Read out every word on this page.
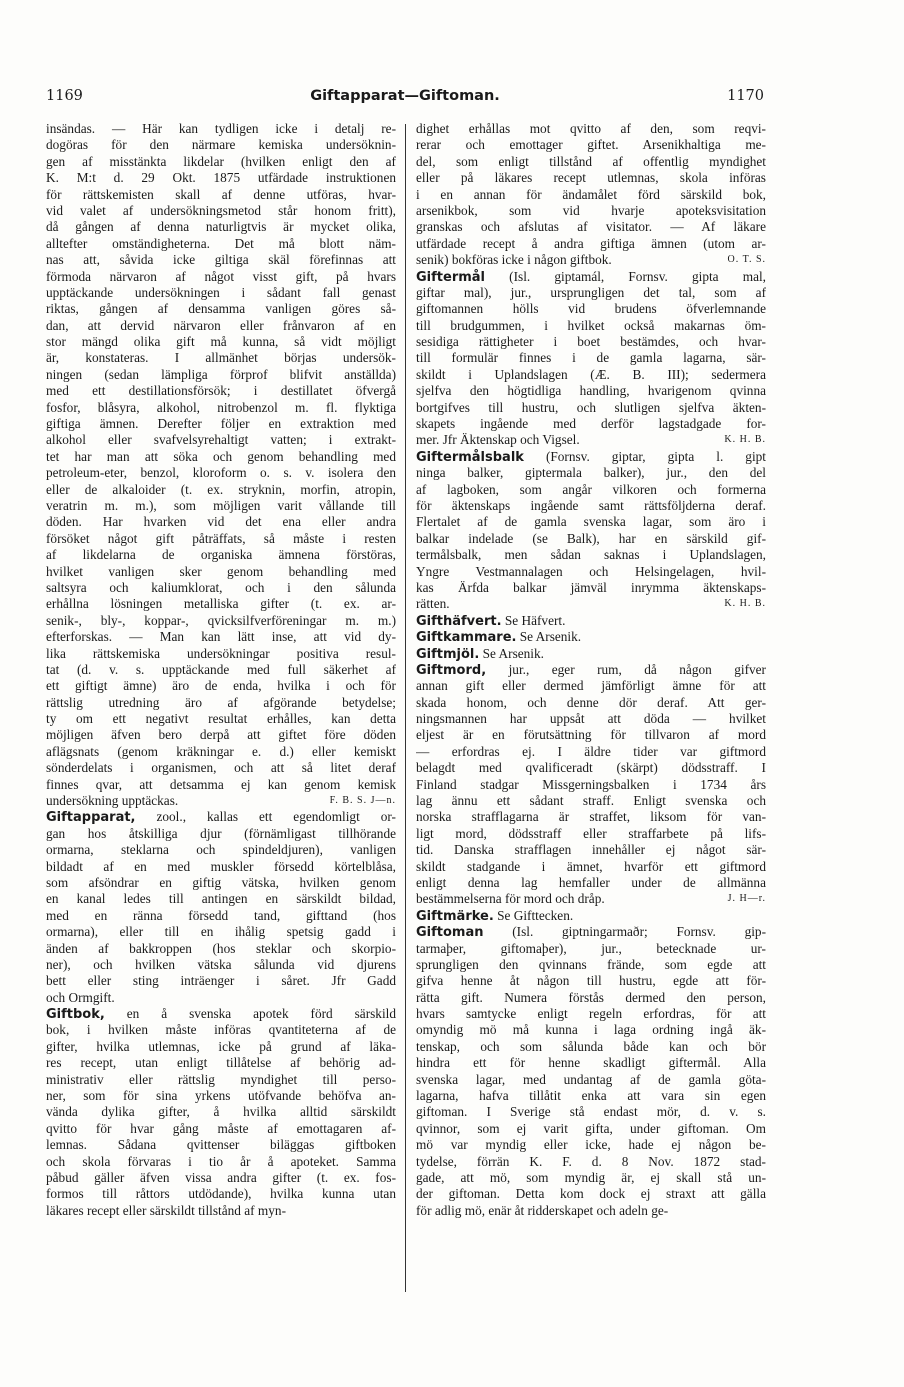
1169	Giftapparat—Giftoman.	1170
insändas. — Här kan tydligen icke i detalj re-
dogöras för den närmare kemiska undersöknin-
gen af misstänkta likdelar (hvilken enligt den af
K. M:t d. 29 Okt. 1875 utfärdade instruktionen
för rättskemisten skall af denne utföras, hvar-
vid valet af undersökningsmetod står honom fritt),
då gången af denna naturligtvis är mycket olika,
alltefter omständigheterna. Det må blott näm-
nas att, såvida icke giltiga skäl förefinnas att
förmoda närvaron af något visst gift, på hvars
upptäckande undersökningen i sådant fall genast
riktas, gången af densamma vanligen göres så-
dan, att dervid närvaron eller frånvaron af en
stor mängd olika gift må kunna, så vidt möjligt
är, konstateras. I allmänhet börjas undersök-
ningen (sedan lämpliga förprof blifvit anställda)
med ett destillationsförsök; i destillatet öfvergå
fosfor, blåsyra, alkohol, nitrobenzol m. fl. flyktiga
giftiga ämnen. Derefter följer en extraktion med
alkohol eller svafvelsyrehaltigt vatten; i extrakt-
tet har man att söka och genom behandling med
petroleum-eter, benzol, kloroform o. s. v. isolera den
eller de alkaloider (t. ex. stryknin, morfin, atropin,
veratrin m. m.), som möjligen varit vållande till
döden. Har hvarken vid det ena eller andra
försöket något gift påträffats, så måste i resten
af likdelarna de organiska ämnena förstöras,
hvilket vanligen sker genom behandling med
saltsyra och kaliumklorat, och i den sålunda
erhållna lösningen metalliska gifter (t. ex. ar-
senik-, bly-, koppar-, qvicksilfverföreningar m. m.)
efterforskas. — Man kan lätt inse, att vid dy-
lika rättskemiska undersökningar positiva resul-
tat (d. v. s. upptäckande med full säkerhet af
ett giftigt ämne) äro de enda, hvilka i och för
rättslig utredning äro af afgörande betydelse;
ty om ett negativt resultat erhålles, kan detta
möjligen äfven bero derpå att giftet före döden
aflägsnats (genom kräkningar e. d.) eller kemiskt
sönderdelats i organismen, och att så litet deraf
finnes qvar, att detsamma ej kan genom kemisk
undersökning upptäckas.	F. B. S. J—n.
Giftapparat, zool., kallas ett egendomligt or-
gan hos åtskilliga djur (förnämligast tillhörande
ormarna, steklarna och spindeldjuren), vanligen
bildadt af en med muskler försedd körtelblåsa,
som afsöndrar en giftig vätska, hvilken genom
en kanal ledes till antingen en särskildt bildad,
med en ränna försedd tand, gifttand (hos
ormarna), eller till en ihålig spetsig gadd i
änden af bakkroppen (hos steklar och skorpio-
ner), och hvilken vätska sålunda vid djurens
bett eller sting inträenger i såret. Jfr Gadd
och Ormgift.
Giftbok, en å svenska apotek förd särskild
bok, i hvilken måste införas qvantiteterna af de
gifter, hvilka utlemnas, icke på grund af läka-
res recept, utan enligt tillåtelse af behörig ad-
ministrativ eller rättslig myndighet till perso-
ner, som för sina yrkens utöfvande behöfva an-
vända dylika gifter, å hvilka alltid särskildt
qvitto för hvar gång måste af emottagaren af-
lemnas. Sådana qvittenser biläggas giftboken
och skola förvaras i tio år å apoteket. Samma
påbud gäller äfven vissa andra gifter (t. ex. fos-
formos till råttors utdödande), hvilka kunna utan
läkares recept eller särskildt tillstånd af myn-
dighet erhållas mot qvitto af den, som reqvi-
rerar och emottager giftet. Arsenikhaltiga me-
del, som enligt tillstånd af offentlig myndighet
eller på läkares recept utlemnas, skola införas
i en annan för ändamålet förd särskild bok,
arsenikbok, som vid hvarje apoteksvisitation
granskas och afslutas af visitator. — Af läkare
utfärdade recept å andra giftiga ämnen (utom ar-
senik) bokföras icke i någon giftbok.	O. T. S.
Giftermål (Isl. giptamál, Fornsv. gipta mal,
giftar mal), jur., ursprungligen det tal, som af
giftomannen hölls vid brudens öfverlemnande
till brudgummen, i hvilket också makarnas öm-
sesidiga rättigheter i boet bestämdes, och hvar-
till formulär finnes i de gamla lagarna, sär-
skildt i Uplandslagen (Æ. B. III); sedermera
sjelfva den högtidliga handling, hvarigenom qvinna
bortgifves till hustru, och slutligen sjelfva äkten-
skapets ingående med derför lagstadgade for-
mer. Jfr Äktenskap och Vigsel.	K. H. B.
Giftermålsbalk (Fornsv. giptar, gipta l. gipt
ninga balker, giptermala balker), jur., den del
af lagboken, som angår vilkoren och formerna
för äktenskaps ingående samt rättsföljderna deraf.
Flertalet af de gamla svenska lagar, som äro i
balkar indelade (se Balk), har en särskild gif-
termålsbalk, men sådan saknas i Uplandslagen,
Yngre Vestmannalagen och Helsingelagen, hvil-
kas Ärfda balkar jämväl inrymma äktenskaps-
rätten.	K. H. B.
Gifthäfvert. Se Häfvert.
Giftkammare. Se Arsenik.
Giftmjöl. Se Arsenik.
Giftmord, jur., eger rum, då någon gifver
annan gift eller dermed jämförligt ämne för att
skada honom, och denne dör deraf. Att ger-
ningsmannen har uppsåt att döda — hvilket
eljest är en förutsättning för tillvaron af mord
— erfordras ej. I äldre tider var giftmord
belagdt med qvalificeradt (skärpt) dödsstraff. I
Finland stadgar Missgerningsbalken i 1734 års
lag ännu ett sådant straff. Enligt svenska och
norska strafflagarna är straffet, liksom för van-
ligt mord, dödsstraff eller straffarbete på lifs-
tid. Danska strafflagen innehåller ej något sär-
skildt stadgande i ämnet, hvarför ett giftmord
enligt denna lag hemfaller under de allmänna
bestämmelserna för mord och dråp.	J. H—r.
Giftmärke. Se Gifttecken.
Giftoman (Isl. giptningarmaðr; Fornsv. gip-
tarmaþer, giftomaþer), jur., betecknade ur-
sprungligen den qvinnans frände, som egde att
gifva henne åt någon till hustru, egde att för-
rätta gift. Numera förstås dermed den person,
hvars samtycke enligt regeln erfordras, för att
omyndig mö må kunna i laga ordning ingå äk-
tenskap, och som sålunda både kan och bör
hindra ett för henne skadligt giftermål. Alla
svenska lagar, med undantag af de gamla göta-
lagarna, hafva tillåtit enka att vara sin egen
giftoman. I Sverige stå endast mör, d. v. s.
qvinnor, som ej varit gifta, under giftoman. Om
mö var myndig eller icke, hade ej någon be-
tydelse, förrän K. F. d. 8 Nov. 1872 stad-
gade, att mö, som myndig är, ej skall stå un-
der giftoman. Detta kom dock ej straxt att gälla
för adlig mö, enär åt ridderskapet och adeln ge-
